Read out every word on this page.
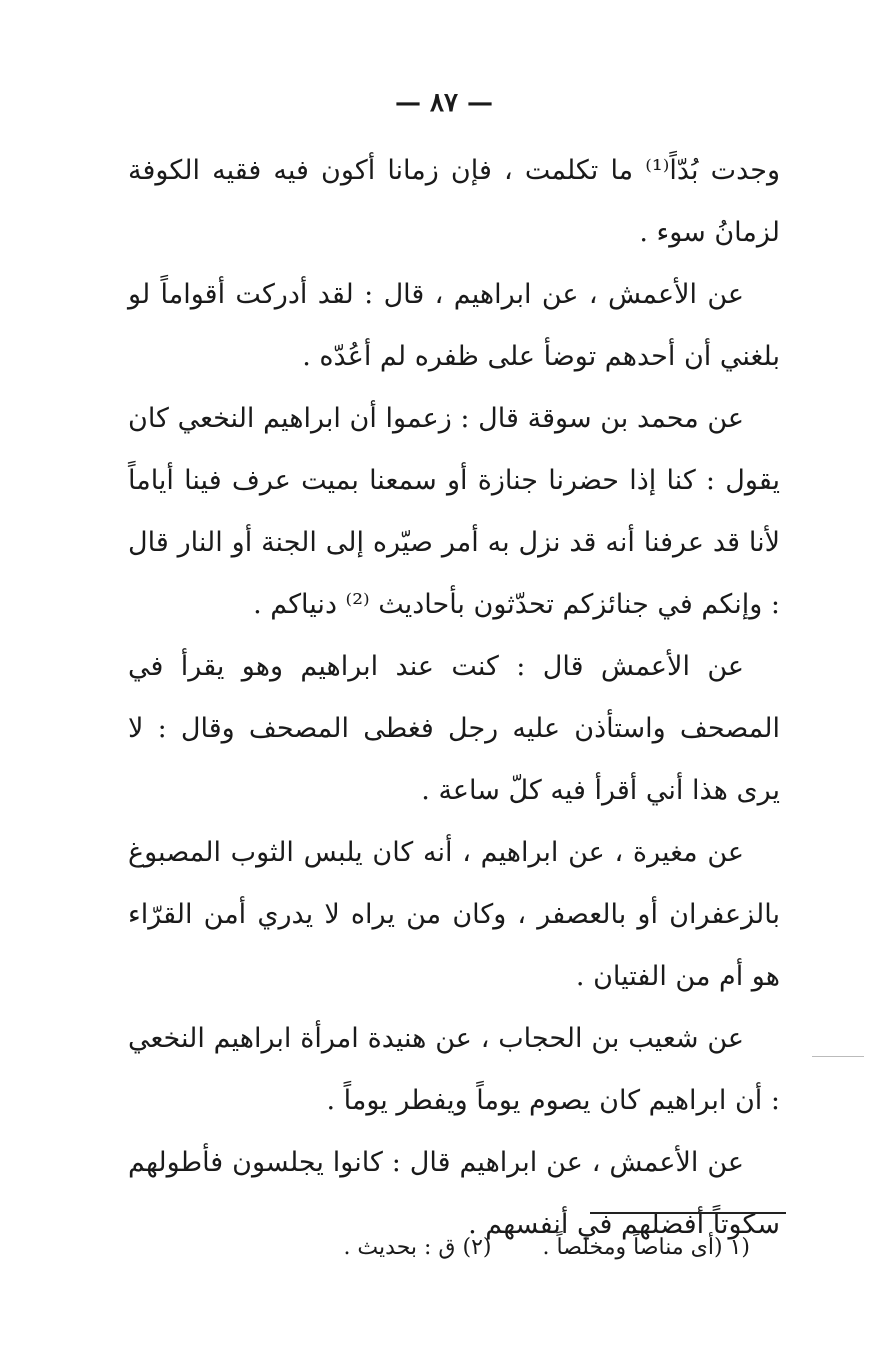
— ٨٧ —

وجدت بُدّاً⁽¹⁾ ما تكلمت ، فإن زمانا أكون فيه فقيه الكوفة لزمانُ سوء .

عن الأعمش ، عن ابراهيم ، قال : لقد أدركت أقواماً لو بلغني أن أحدهم توضأ على ظفره لم أعُدّه .

عن محمد بن سوقة قال : زعموا أن ابراهيم النخعي كان يقول : كنا إذا حضرنا جنازة أو سمعنا بميت عرف فينا أياماً لأنا قد عرفنا أنه قد نزل به أمر صيّره إلى الجنة أو النار قال : وإنكم في جنائزكم تحدّثون بأحاديث ⁽²⁾ دنياكم .

عن الأعمش قال : كنت عند ابراهيم وهو يقرأ في المصحف واستأذن عليه رجل فغطى المصحف وقال : لا يرى هذا أني أقرأ فيه كلّ ساعة .

عن مغيرة ، عن ابراهيم ، أنه كان يلبس الثوب المصبوغ بالزعفران أو بالعصفر ، وكان من يراه لا يدري أمن القرّاء هو أم من الفتيان .

عن شعيب بن الحجاب ، عن هنيدة امرأة ابراهيم النخعي : أن ابراهيم كان يصوم يوماً ويفطر يوماً .

عن الأعمش ، عن ابراهيم قال : كانوا يجلسون فأطولهم سكوتاً أفضلهم في أنفسهم .

(١ (أى مناصاً ومخلصاً . (٢) ق : بحديث .
